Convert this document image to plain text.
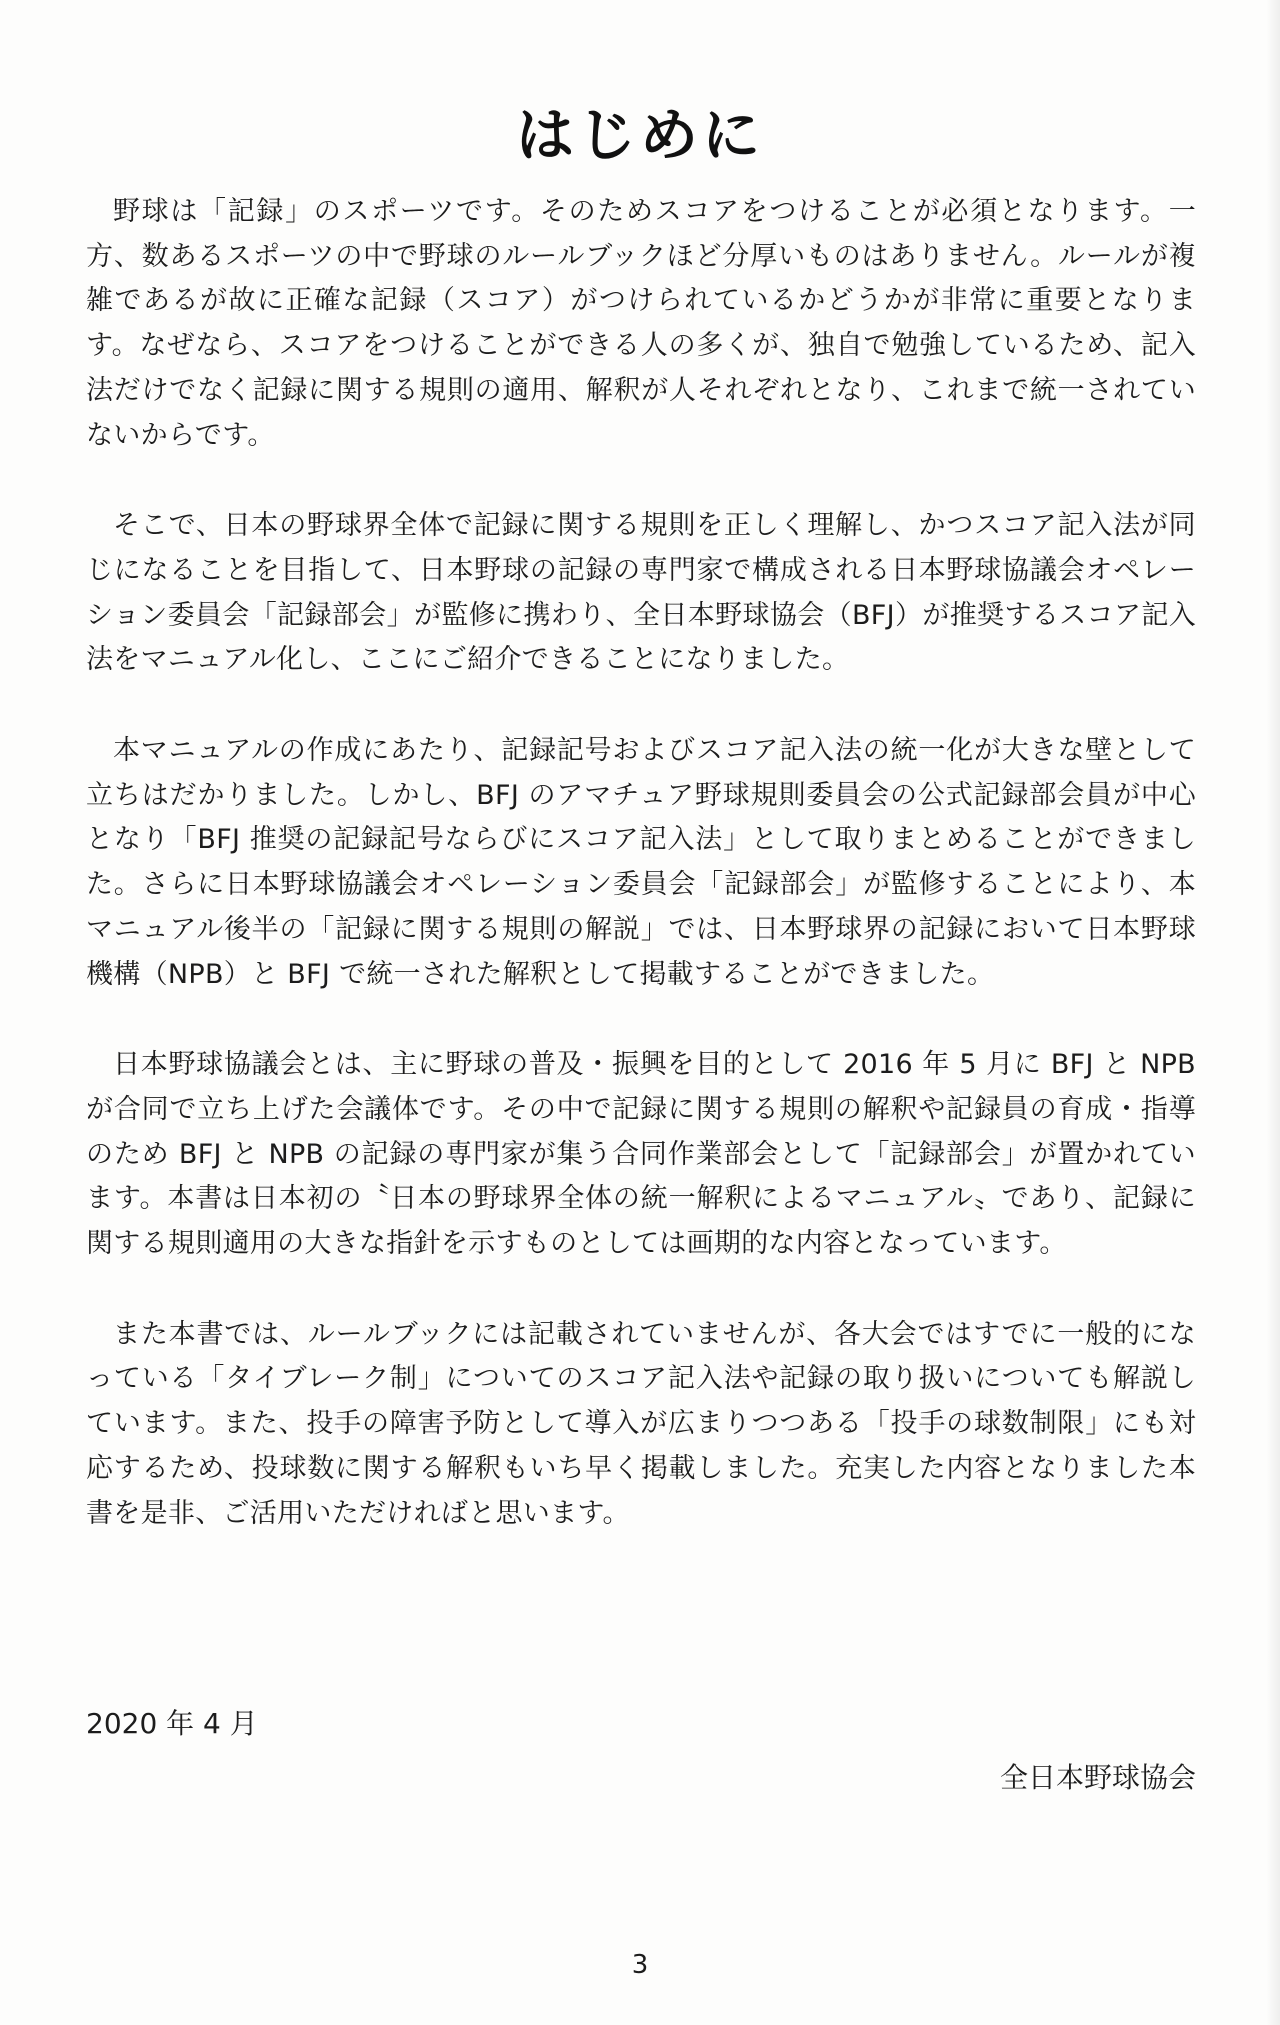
はじめに

野球は「記録」のスポーツです。そのためスコアをつけることが必須となります。一方、数あるスポーツの中で野球のルールブックほど分厚いものはありません。ルールが複雑であるが故に正確な記録（スコア）がつけられているかどうかが非常に重要となります。なぜなら、スコアをつけることができる人の多くが、独自で勉強しているため、記入法だけでなく記録に関する規則の適用、解釈が人それぞれとなり、これまで統一されていないからです。

そこで、日本の野球界全体で記録に関する規則を正しく理解し、かつスコア記入法が同じになることを目指して、日本野球の記録の専門家で構成される日本野球協議会オペレーション委員会「記録部会」が監修に携わり、全日本野球協会（BFJ）が推奨するスコア記入法をマニュアル化し、ここにご紹介できることになりました。

本マニュアルの作成にあたり、記録記号およびスコア記入法の統一化が大きな壁として立ちはだかりました。しかし、BFJ のアマチュア野球規則委員会の公式記録部会員が中心となり「BFJ 推奨の記録記号ならびにスコア記入法」として取りまとめることができました。さらに日本野球協議会オペレーション委員会「記録部会」が監修することにより、本マニュアル後半の「記録に関する規則の解説」では、日本野球界の記録において日本野球機構（NPB）と BFJ で統一された解釈として掲載することができました。

日本野球協議会とは、主に野球の普及・振興を目的として 2016 年 5 月に BFJ と NPB が合同で立ち上げた会議体です。その中で記録に関する規則の解釈や記録員の育成・指導のため BFJ と NPB の記録の専門家が集う合同作業部会として「記録部会」が置かれています。本書は日本初の〝日本の野球界全体の統一解釈によるマニュアル〟であり、記録に関する規則適用の大きな指針を示すものとしては画期的な内容となっています。

また本書では、ルールブックには記載されていませんが、各大会ではすでに一般的になっている「タイブレーク制」についてのスコア記入法や記録の取り扱いについても解説しています。また、投手の障害予防として導入が広まりつつある「投手の球数制限」にも対応するため、投球数に関する解釈もいち早く掲載しました。充実した内容となりました本書を是非、ご活用いただければと思います。

2020 年 4 月
全日本野球協会
3
